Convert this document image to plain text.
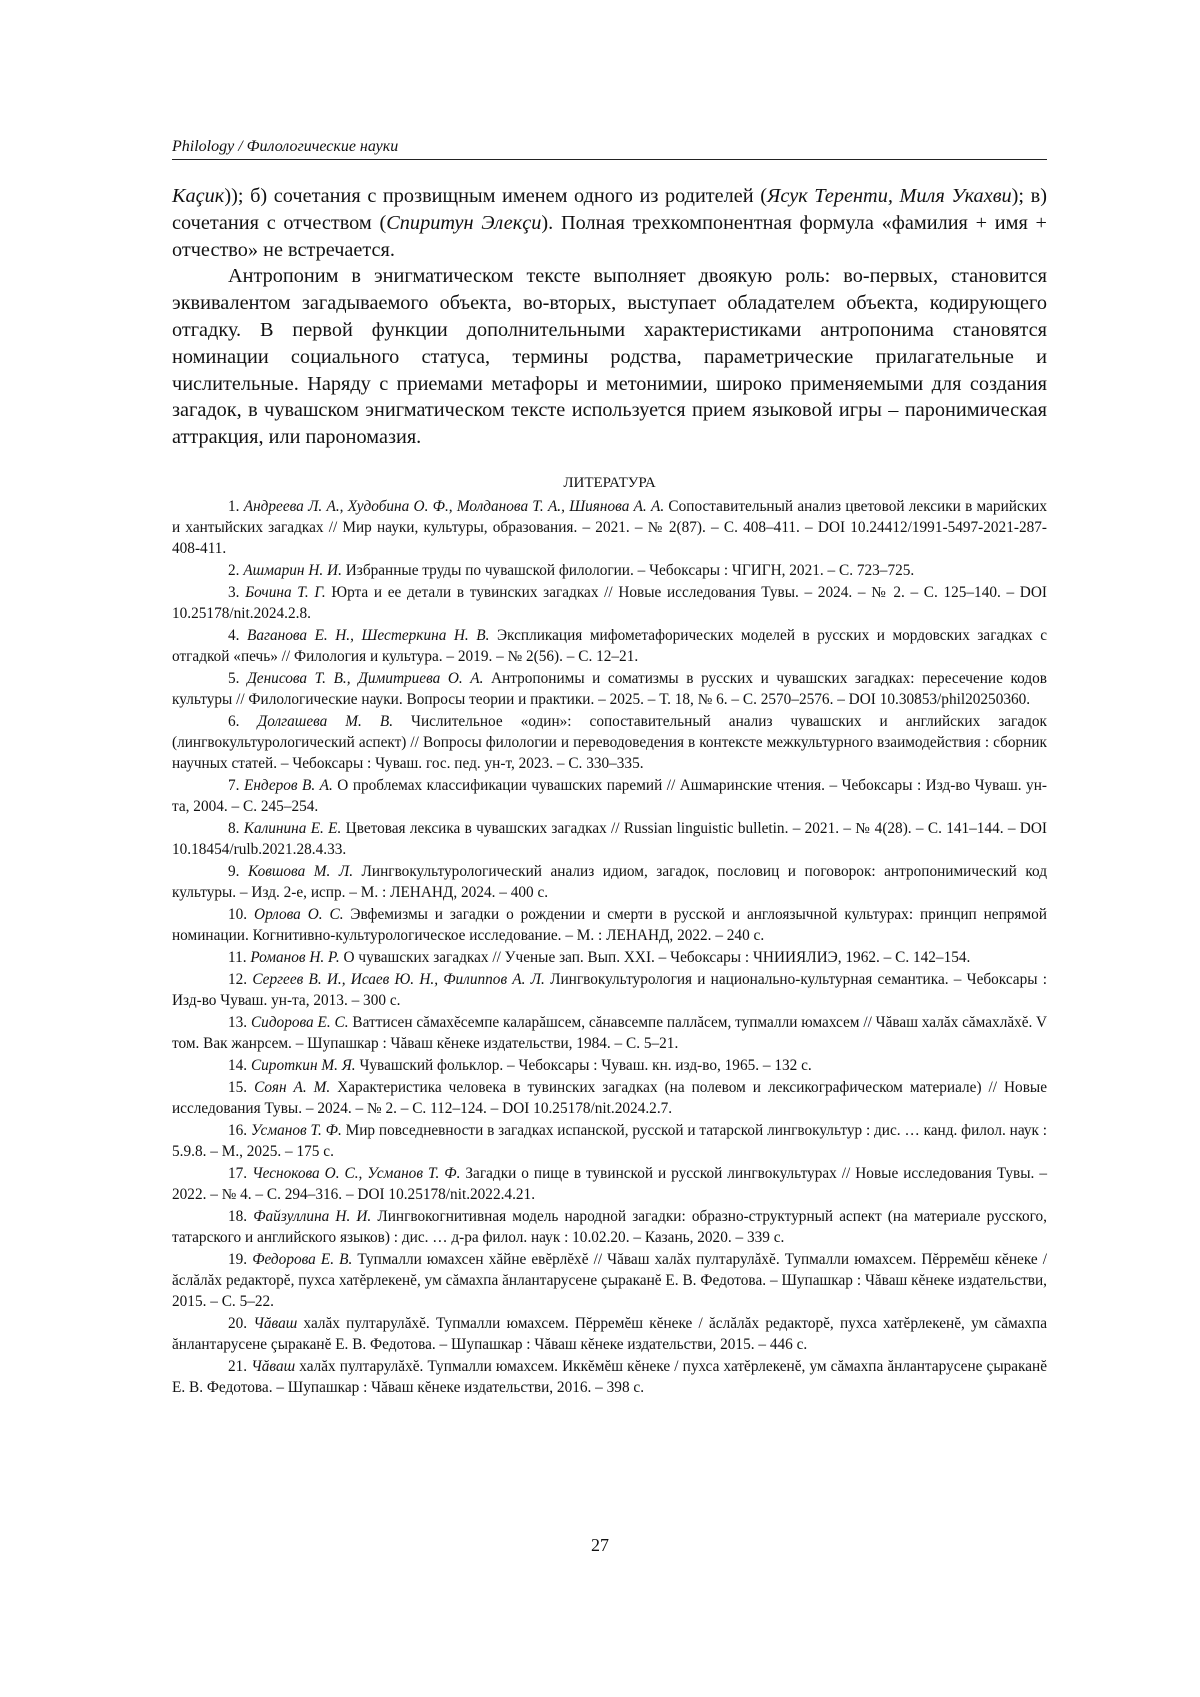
Philology / Филологические науки

Kaçик)); б) сочетания с прозвищным именем одного из родителей (Ясук Теренти, Миля Укахви); в) сочетания с отчеством (Спиритун Элекçи). Полная трехкомпонентная формула «фамилия + имя + отчество» не встречается.

Антропоним в энигматическом тексте выполняет двоякую роль: во-первых, становится эквивалентом загадываемого объекта, во-вторых, выступает обладателем объекта, кодирующего отгадку. В первой функции дополнительными характеристиками антропонима становятся номинации социального статуса, термины родства, параметрические прилагательные и числительные. Наряду с приемами метафоры и метонимии, широко применяемыми для создания загадок, в чувашском энигматическом тексте используется прием языковой игры – паронимическая аттракция, или парономазия.

ЛИТЕРАТУРА
1. Андреева Л. А., Худобина О. Ф., Молданова Т. А., Шиянова А. А. Сопоставительный анализ цветовой лексики в марийских и хантыйских загадках // Мир науки, культуры, образования. – 2021. – № 2(87). – С. 408–411. – DOI 10.24412/1991-5497-2021-287-408-411.
2. Ашмарин Н. И. Избранные труды по чувашской филологии. – Чебоксары : ЧГИГН, 2021. – С. 723–725.
3. Бочина Т. Г. Юрта и ее детали в тувинских загадках // Новые исследования Тувы. – 2024. – № 2. – С. 125–140. – DOI 10.25178/nit.2024.2.8.
4. Ваганова Е. Н., Шестеркина Н. В. Экспликация мифометафорических моделей в русских и мордовских загадках с отгадкой «печь» // Филология и культура. – 2019. – № 2(56). – С. 12–21.
5. Денисова Т. В., Димитриева О. А. Антропонимы и соматизмы в русских и чувашских загадках: пересечение кодов культуры // Филологические науки. Вопросы теории и практики. – 2025. – Т. 18, № 6. – С. 2570–2576. – DOI 10.30853/phil20250360.
6. Долгашева М. В. Числительное «один»: сопоставительный анализ чувашских и английских загадок (лингвокультурологический аспект) // Вопросы филологии и переводоведения в контексте межкультурного взаимодействия : сборник научных статей. – Чебоксары : Чуваш. гос. пед. ун-т, 2023. – С. 330–335.
7. Ендеров В. А. О проблемах классификации чувашских паремий // Ашмаринские чтения. – Чебоксары : Изд-во Чуваш. ун-та, 2004. – С. 245–254.
8. Калинина Е. Е. Цветовая лексика в чувашских загадках // Russian linguistic bulletin. – 2021. – № 4(28). – С. 141–144. – DOI 10.18454/rulb.2021.28.4.33.
9. Ковшова М. Л. Лингвокультурологический анализ идиом, загадок, пословиц и поговорок: антропонимический код культуры. – Изд. 2-е, испр. – М. : ЛЕНАНД, 2024. – 400 с.
10. Орлова О. С. Эвфемизмы и загадки о рождении и смерти в русской и англоязычной культурах: принцип непрямой номинации. Когнитивно-культурологическое исследование. – М. : ЛЕНАНД, 2022. – 240 с.
11. Романов Н. Р. О чувашских загадках // Ученые зап. Вып. XXI. – Чебоксары : ЧНИИЯЛИЭ, 1962. – С. 142–154.
12. Сергеев В. И., Исаев Ю. Н., Филиппов А. Л. Лингвокультурология и национально-культурная семантика. – Чебоксары : Изд-во Чуваш. ун-та, 2013. – 300 с.
13. Сидорова Е. С. Ваттисен сăмахĕсемпе каларăшсем, сăнавсемпе паллăсем, тупмалли юмахсем // Чăваш халăх сăмахлăхĕ. V том. Вак жанрсем. – Шупашкар : Чăваш кĕнеке издательстви, 1984. – С. 5–21.
14. Сироткин М. Я. Чувашский фольклор. – Чебоксары : Чуваш. кн. изд-во, 1965. – 132 с.
15. Соян А. М. Характеристика человека в тувинских загадках (на полевом и лексикографическом материале) // Новые исследования Тувы. – 2024. – № 2. – С. 112–124. – DOI 10.25178/nit.2024.2.7.
16. Усманов Т. Ф. Мир повседневности в загадках испанской, русской и татарской лингвокультур : дис. … канд. филол. наук : 5.9.8. – М., 2025. – 175 с.
17. Чеснокова О. С., Усманов Т. Ф. Загадки о пище в тувинской и русской лингвокультурах // Новые исследования Тувы. – 2022. – № 4. – С. 294–316. – DOI 10.25178/nit.2022.4.21.
18. Файзуллина Н. И. Лингвокогнитивная модель народной загадки: образно-структурный аспект (на материале русского, татарского и английского языков) : дис. … д-ра филол. наук : 10.02.20. – Казань, 2020. – 339 с.
19. Федорова Е. В. Тупмалли юмахсен хăйне евĕрлĕхĕ // Чăваш халăх пултарулăхĕ. Тупмалли юмахсем. Пĕрремĕш кĕнеке / ăслăлăх редакторĕ, пухса хатĕрлекенĕ, ум сăмахпа ăнлантарусене çыраканĕ Е. В. Федотова. – Шупашкар : Чăваш кĕнеке издательстви, 2015. – С. 5–22.
20. Чăваш халăх пултарулăхĕ. Тупмалли юмахсем. Пĕрремĕш кĕнеке / ăслăлăх редакторĕ, пухса хатĕрлекенĕ, ум сăмахпа ăнлантарусене çыраканĕ Е. В. Федотова. – Шупашкар : Чăваш кĕнеке издательстви, 2015. – 446 с.
21. Чăваш халăх пултарулăхĕ. Тупмалли юмахсем. Иккĕмĕш кĕнеке / пухса хатĕрлекенĕ, ум сăмахпа ăнлантарусене çыраканĕ Е. В. Федотова. – Шупашкар : Чăваш кĕнеке издательстви, 2016. – 398 с.
27
